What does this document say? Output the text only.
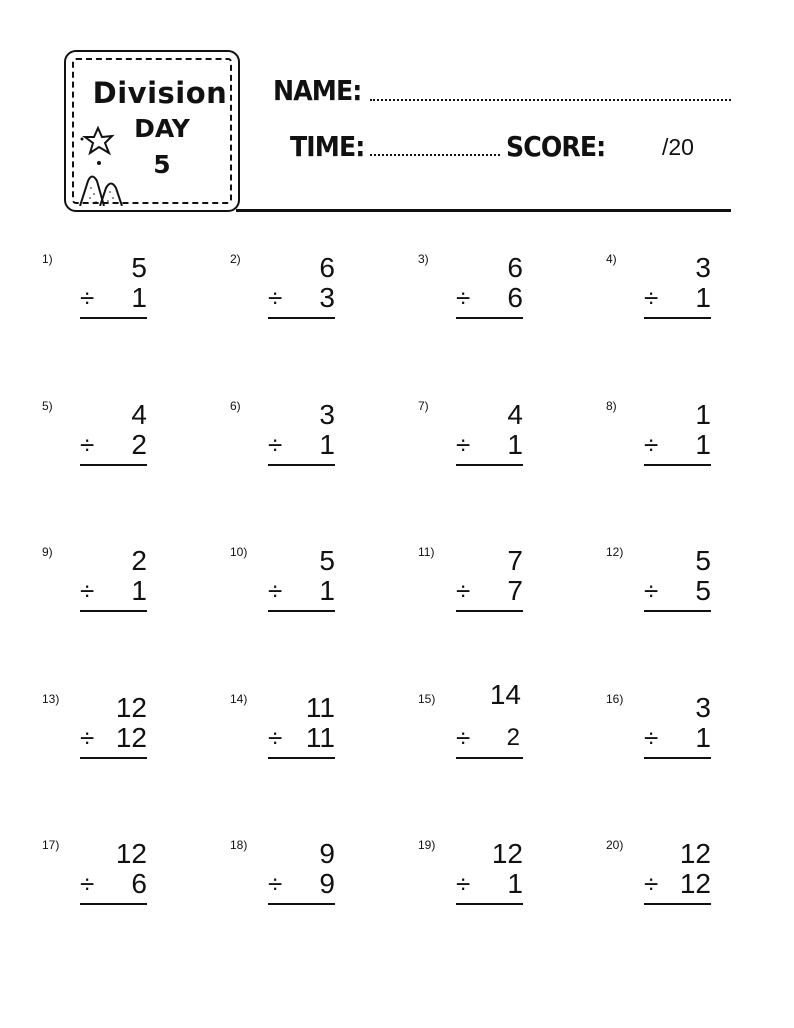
Division
DAY
5
NAME:
TIME:	SCORE: /20
1)	5
÷ 1
2)	6
÷ 3
3)	6
÷ 6
4)	3
÷ 1
5)	4
÷ 2
6)	3
÷ 1
7)	4
÷ 1
8)	1
÷ 1
9)	2
÷ 1
10)	5
÷ 1
11)	7
÷ 7
12)	5
÷ 5
13) 12
÷ 12
14) 11
÷ 11
15) 14
÷ 2
16)	3
÷ 1
17) 12
÷ 6
18)	9
÷ 9
19) 12
÷ 1
20) 12
÷ 12
